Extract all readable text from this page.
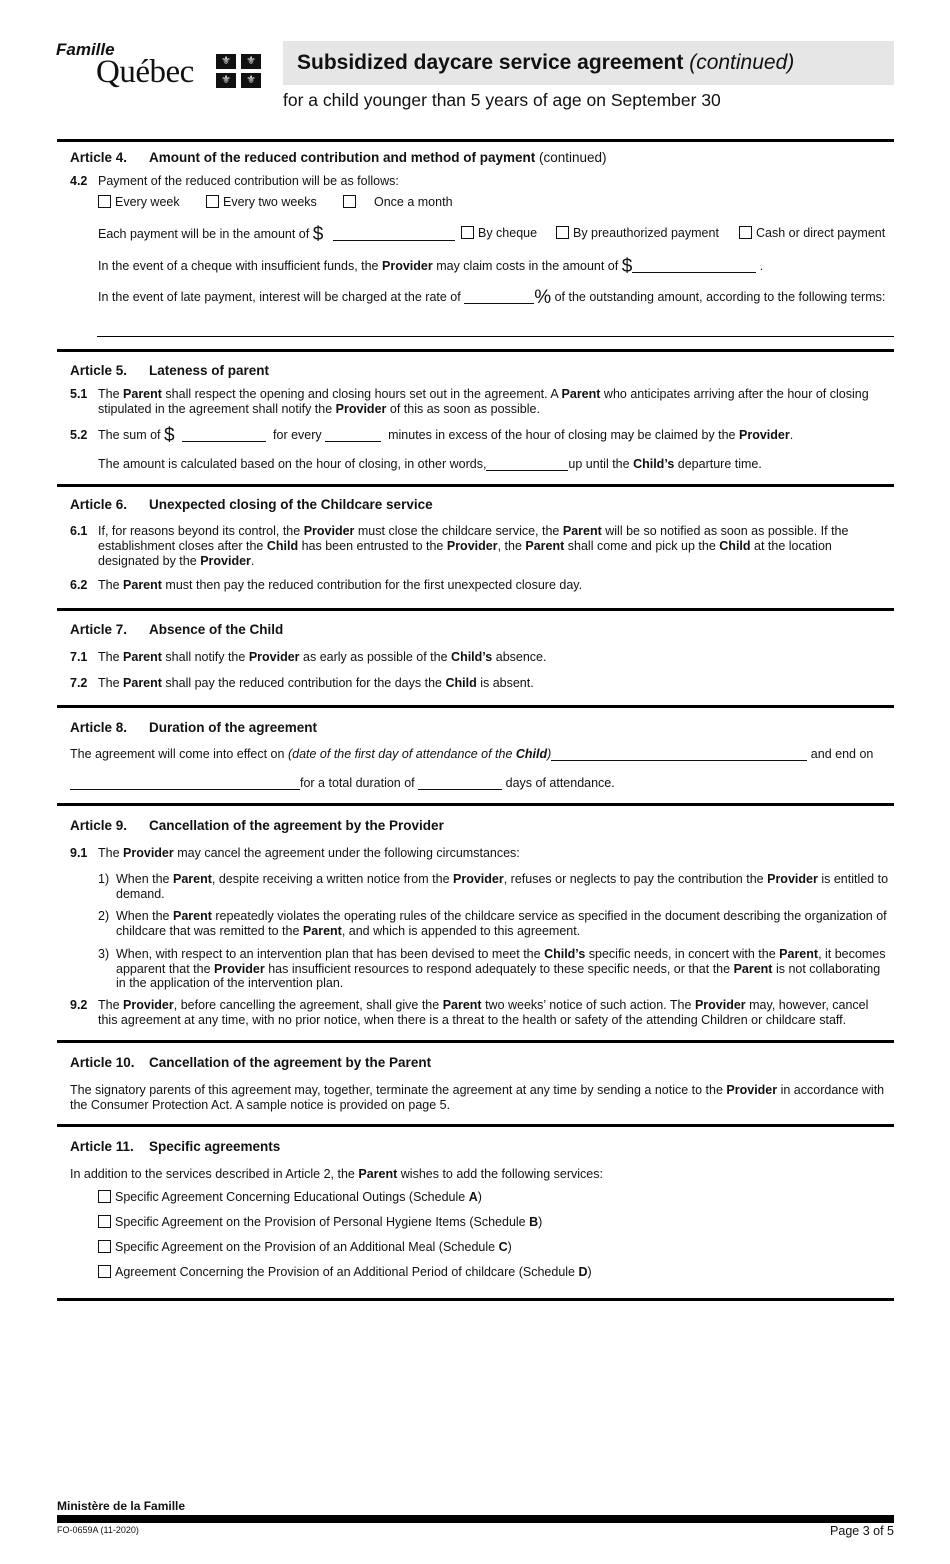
Famille
Québec	⚜	⚜
⚜	⚜
Subsidized daycare service agreement (continued)
for a child younger than 5 years of age on September 30
Article 4. Amount of the reduced contribution and method of payment (continued)
4.2 Payment of the reduced contribution will be as follows:
Every week	Every two weeks	Once a month
Each payment will be in the amount of $	By cheque	By preauthorized payment	Cash or direct payment
In the event of a cheque with insufficient funds, the Provider may claim costs in the amount of $	.
In the event of late payment, interest will be charged at the rate of	% of the outstanding amount, according to the following terms:
Article 5. Lateness of parent
5.1 The Parent shall respect the opening and closing hours set out in the agreement. A Parent who anticipates arriving after the hour of closing stipulated in the agreement shall notify the Provider of this as soon as possible.
5.2 The sum of $	for every	minutes in excess of the hour of closing may be claimed by the Provider.
The amount is calculated based on the hour of closing, in other words,	up until the Child’s departure time.
Article 6. Unexpected closing of the Childcare service
6.1 If, for reasons beyond its control, the Provider must close the childcare service, the Parent will be so notified as soon as possible. If the establishment closes after the Child has been entrusted to the Provider, the Parent shall come and pick up the Child at the location designated by the Provider.
6.2 The Parent must then pay the reduced contribution for the first unexpected closure day.
Article 7. Absence of the Child
7.1 The Parent shall notify the Provider as early as possible of the Child’s absence.
7.2 The Parent shall pay the reduced contribution for the days the Child is absent.
Article 8. Duration of the agreement
The agreement will come into effect on (date of the first day of attendance of the Child)	and end on
for a total duration of	days of attendance.
Article 9. Cancellation of the agreement by the Provider
9.1 The Provider may cancel the agreement under the following circumstances:
1) When the Parent, despite receiving a written notice from the Provider, refuses or neglects to pay the contribution the Provider is entitled to demand.
2) When the Parent repeatedly violates the operating rules of the childcare service as specified in the document describing the organization of childcare that was remitted to the Parent, and which is appended to this agreement.
3) When, with respect to an intervention plan that has been devised to meet the Child’s specific needs, in concert with the Parent, it becomes apparent that the Provider has insufficient resources to respond adequately to these specific needs, or that the Parent is not collaborating in the application of the intervention plan.
9.2 The Provider, before cancelling the agreement, shall give the Parent two weeks’ notice of such action. The Provider may, however, cancel this agreement at any time, with no prior notice, when there is a threat to the health or safety of the attending Children or childcare staff.
Article 10. Cancellation of the agreement by the Parent
The signatory parents of this agreement may, together, terminate the agreement at any time by sending a notice to the Provider in accordance with the Consumer Protection Act. A sample notice is provided on page 5.
Article 11. Specific agreements
In addition to the services described in Article 2, the Parent wishes to add the following services:
Specific Agreement Concerning Educational Outings (Schedule A)
Specific Agreement on the Provision of Personal Hygiene Items (Schedule B)
Specific Agreement on the Provision of an Additional Meal (Schedule C)
Agreement Concerning the Provision of an Additional Period of childcare (Schedule D)
Ministère de la Famille
FO-0659A (11-2020)	Page 3 of 5
